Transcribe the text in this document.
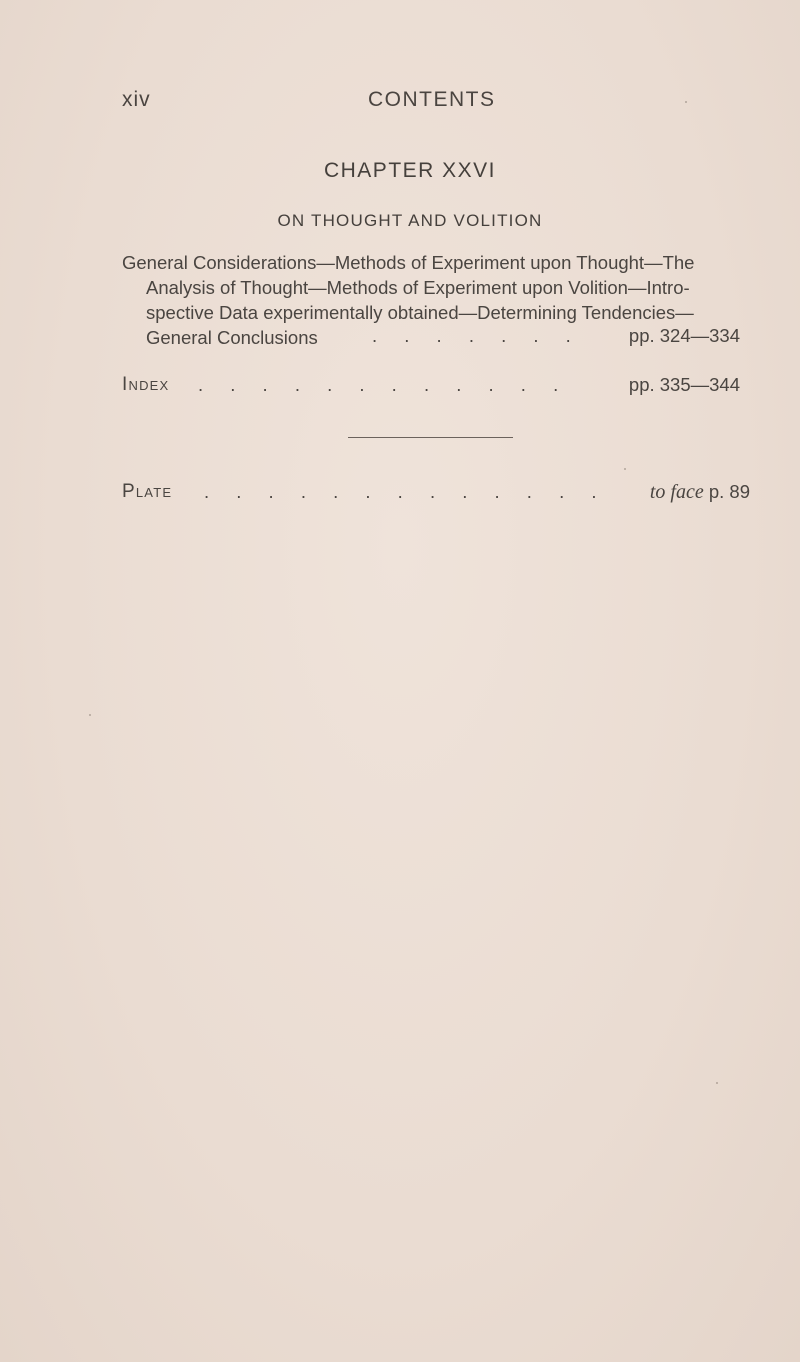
xiv	CONTENTS
CHAPTER XXVI
ON THOUGHT AND VOLITION
General Considerations—Methods of Experiment upon Thought—The
Analysis of Thought—Methods of Experiment upon Volition—Intro-
spective Data experimentally obtained—Determining Tendencies—
General Conclusions	. . . . . . .	pp. 324—334
Index . . . . . . . . . . . .	pp. 335—344
Plate . . . . . . . . . . . . . to face p. 89
